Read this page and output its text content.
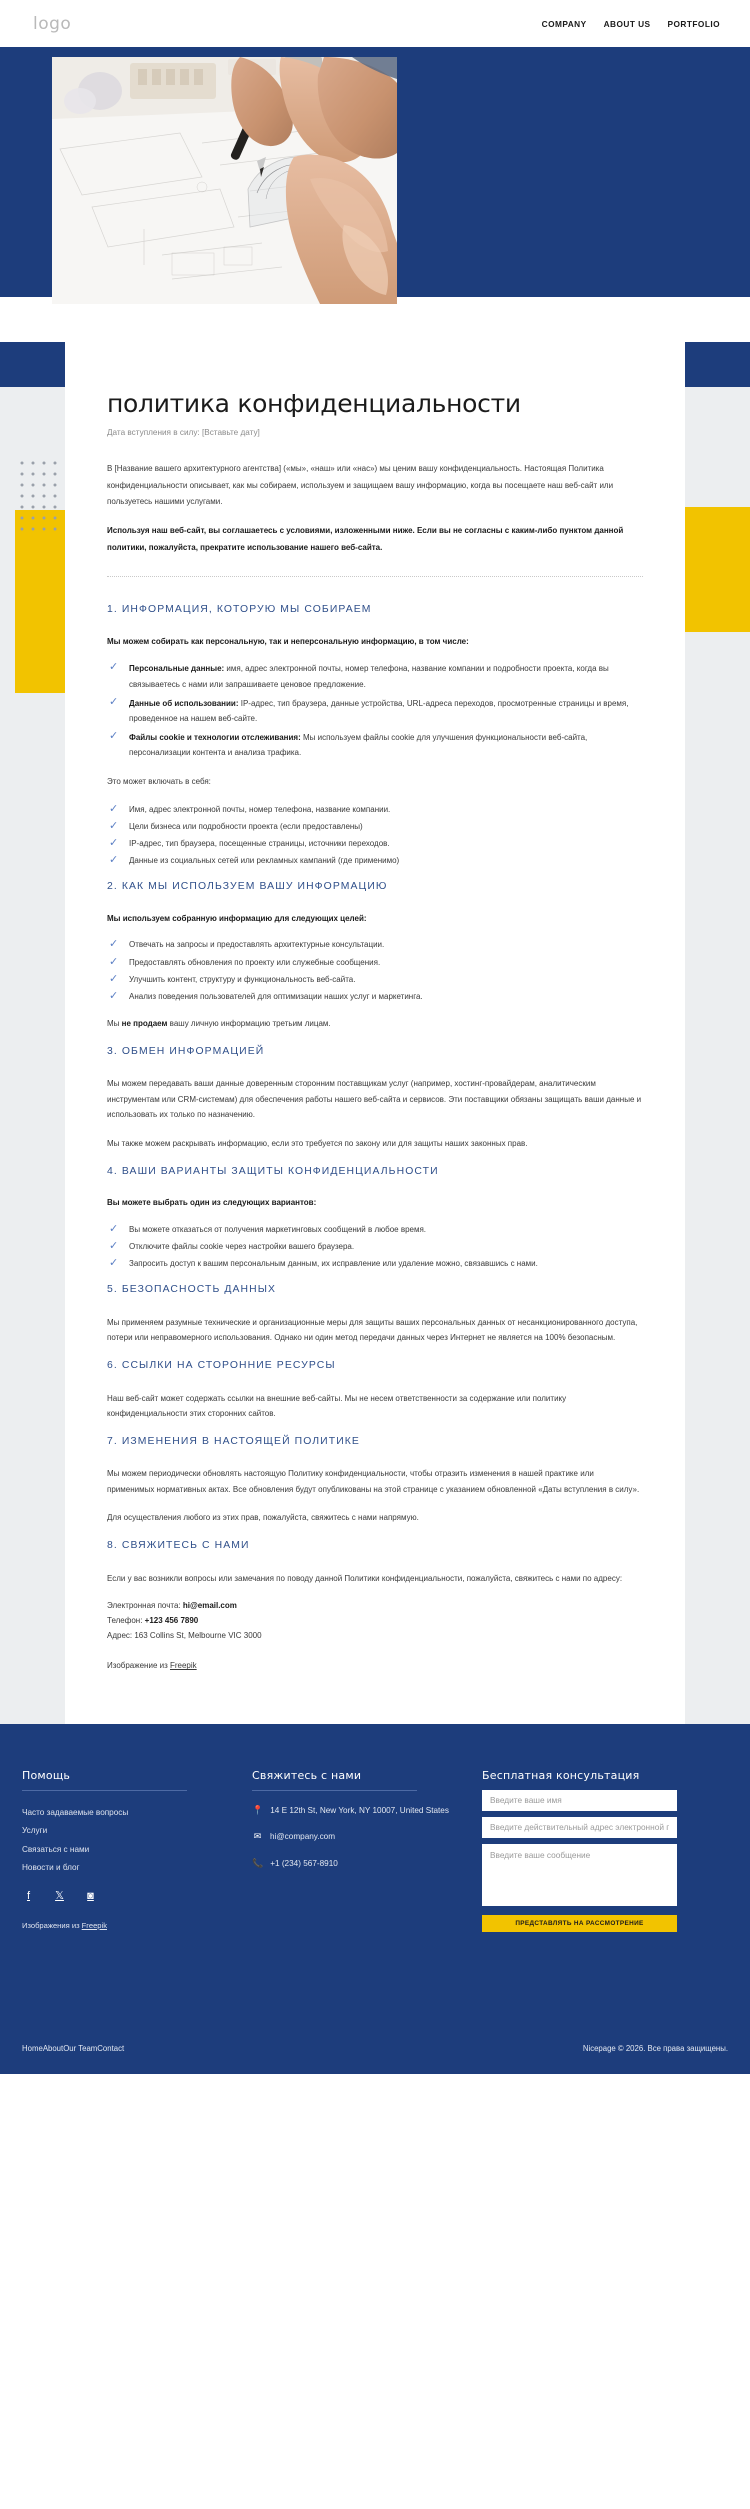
logo	COMPANY ABOUT US PORTFOLIO
политика конфиденциальности
Дата вступления в силу: [Вставьте дату]

В [Название вашего архитектурного агентства] («мы», «наш» или «нас») мы ценим вашу конфиденциальность. Настоящая Политика конфиденциальности описывает, как мы собираем, используем и защищаем вашу информацию, когда вы посещаете наш веб-сайт или пользуетесь нашими услугами.

Используя наш веб-сайт, вы соглашаетесь с условиями, изложенными ниже. Если вы не согласны с каким-либо пунктом данной политики, пожалуйста, прекратите использование нашего веб-сайта.

1. ИНФОРМАЦИЯ, КОТОРУЮ МЫ СОБИРАЕМ

Мы можем собирать как персональную, так и неперсональную информацию, в том числе:

✓ Персональные данные: имя, адрес электронной почты, номер телефона, название компании и подробности проекта, когда вы связываетесь с нами или запрашиваете ценовое предложение.
✓ Данные об использовании: IP-адрес, тип браузера, данные устройства, URL-адреса переходов, просмотренные страницы и время, проведенное на нашем веб-сайте.
✓ Файлы cookie и технологии отслеживания: Мы используем файлы cookie для улучшения функциональности веб-сайта, персонализации контента и анализа трафика.

Это может включать в себя:

✓ Имя, адрес электронной почты, номер телефона, название компании.
✓ Цели бизнеса или подробности проекта (если предоставлены)
✓ IP-адрес, тип браузера, посещенные страницы, источники переходов.
✓ Данные из социальных сетей или рекламных кампаний (где применимо)
2. КАК МЫ ИСПОЛЬЗУЕМ ВАШУ ИНФОРМАЦИЮ

Мы используем собранную информацию для следующих целей:

✓ Отвечать на запросы и предоставлять архитектурные консультации.
✓ Предоставлять обновления по проекту или служебные сообщения.
✓ Улучшить контент, структуру и функциональность веб-сайта.
✓ Анализ поведения пользователей для оптимизации наших услуг и маркетинга.

Мы не продаем вашу личную информацию третьим лицам.

3. ОБМЕН ИНФОРМАЦИЕЙ

Мы можем передавать ваши данные доверенным сторонним поставщикам услуг (например, хостинг-провайдерам, аналитическим инструментам или CRM-системам) для обеспечения работы нашего веб-сайта и сервисов. Эти поставщики обязаны защищать ваши данные и использовать их только по назначению.

Мы также можем раскрывать информацию, если это требуется по закону или для защиты наших законных прав.

4. ВАШИ ВАРИАНТЫ ЗАЩИТЫ КОНФИДЕНЦИАЛЬНОСТИ

Вы можете выбрать один из следующих вариантов:

✓ Вы можете отказаться от получения маркетинговых сообщений в любое время.
✓ Отключите файлы cookie через настройки вашего браузера.
✓ Запросить доступ к вашим персональным данным, их исправление или удаление можно, связавшись с нами.
5. БЕЗОПАСНОСТЬ ДАННЫХ

Мы применяем разумные технические и организационные меры для защиты ваших персональных данных от несанкционированного доступа, потери или неправомерного использования. Однако ни один метод передачи данных через Интернет не является на 100% безопасным.

6. ССЫЛКИ НА СТОРОННИЕ РЕСУРСЫ

Наш веб-сайт может содержать ссылки на внешние веб-сайты. Мы не несем ответственности за содержание или политику конфиденциальности этих сторонних сайтов.

7. ИЗМЕНЕНИЯ В НАСТОЯЩЕЙ ПОЛИТИКЕ

Мы можем периодически обновлять настоящую Политику конфиденциальности, чтобы отразить изменения в нашей практике или применимых нормативных актах. Все обновления будут опубликованы на этой странице с указанием обновленной «Даты вступления в силу».

Для осуществления любого из этих прав, пожалуйста, свяжитесь с нами напрямую.

8. СВЯЖИТЕСЬ С НАМИ

Если у вас возникли вопросы или замечания по поводу данной Политики конфиденциальности, пожалуйста, свяжитесь с нами по адресу:

Электронная почта: hi@email.com
Телефон: +123 456 7890
Адрес: 163 Collins St, Melbourne VIC 3000
Изображение из Freepik
Помощь
Часто задаваемые вопросы
Услуги
Связаться с нами
Новости и блог
f	𝕏 ◙
Изображения из Freepik
Свяжитесь с нами
📍 14 E 12th St, New York, NY 10007, United States
✉ hi@company.com
📞 +1 (234) 567-8910
Бесплатная консультация
Введите ваше имя
Введите действительный адрес электронной почты
Введите ваше сообщение ПРЕДСТАВЛЯТЬ НА РАССМОТРЕНИЕ
Home About Our Team Contact	Nicepage © 2026. Все права защищены.
